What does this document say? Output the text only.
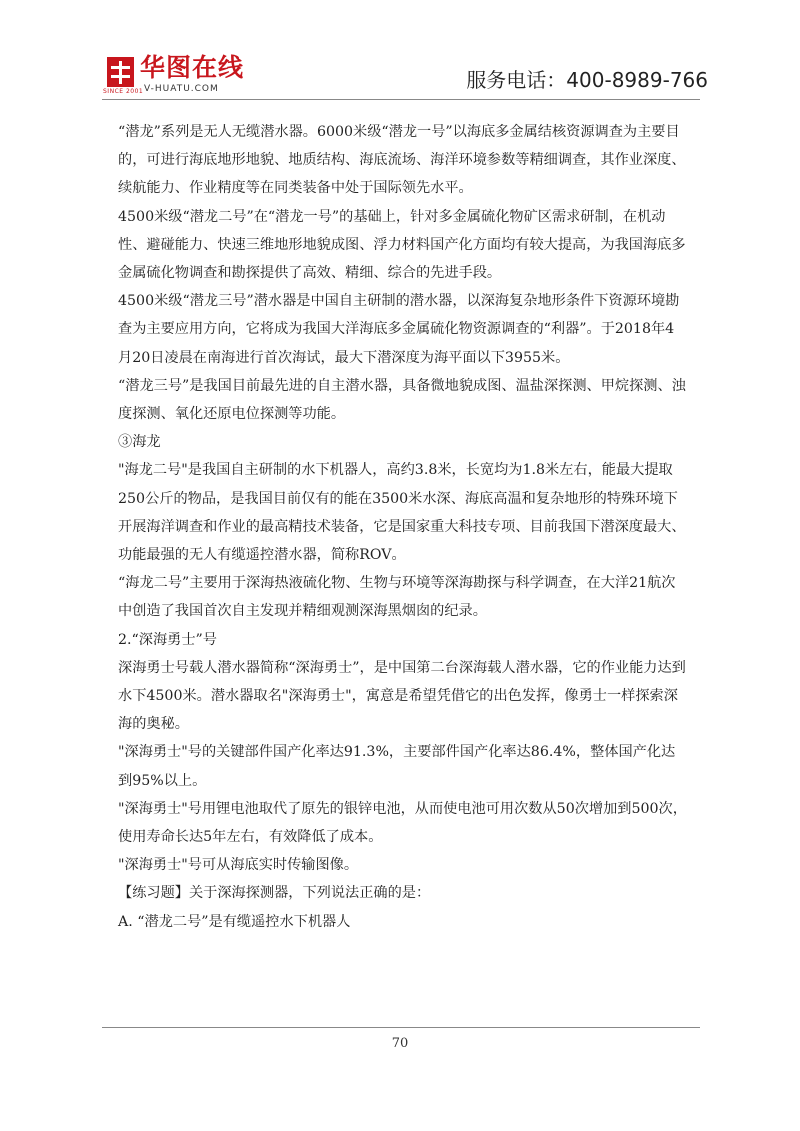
华图在线
V-HUATU.COM
SINCE 2001	服务电话：400-8989-766

“潜龙”系列是无人无缆潜水器。6000米级“潜龙一号”以海底多金属结核资源调查为主要目的，可进行海底地形地貌、地质结构、海底流场、海洋环境参数等精细调查，其作业深度、续航能力、作业精度等在同类装备中处于国际领先水平。

4500米级“潜龙二号”在“潜龙一号”的基础上，针对多金属硫化物矿区需求研制，在机动性、避碰能力、快速三维地形地貌成图、浮力材料国产化方面均有较大提高，为我国海底多金属硫化物调查和勘探提供了高效、精细、综合的先进手段。

4500米级“潜龙三号”潜水器是中国自主研制的潜水器，以深海复杂地形条件下资源环境勘查为主要应用方向，它将成为我国大洋海底多金属硫化物资源调查的“利器”。于2018年4月20日凌晨在南海进行首次海试，最大下潜深度为海平面以下3955米。

“潜龙三号”是我国目前最先进的自主潜水器，具备微地貌成图、温盐深探测、甲烷探测、浊度探测、氧化还原电位探测等功能。

③海龙

"海龙二号"是我国自主研制的水下机器人，高约3.8米，长宽均为1.8米左右，能最大提取250公斤的物品，是我国目前仅有的能在3500米水深、海底高温和复杂地形的特殊环境下开展海洋调查和作业的最高精技术装备，它是国家重大科技专项、目前我国下潜深度最大、功能最强的无人有缆遥控潜水器，简称ROV。

“海龙二号”主要用于深海热液硫化物、生物与环境等深海勘探与科学调查，在大洋21航次中创造了我国首次自主发现并精细观测深海黑烟囱的纪录。

2.“深海勇士”号

深海勇士号载人潜水器简称“深海勇士”，是中国第二台深海载人潜水器，它的作业能力达到水下4500米。潜水器取名"深海勇士"，寓意是希望凭借它的出色发挥，像勇士一样探索深海的奥秘。

"深海勇士"号的关键部件国产化率达91.3%，主要部件国产化率达86.4%，整体国产化达到95%以上。

"深海勇士"号用锂电池取代了原先的银锌电池，从而使电池可用次数从50次增加到500次，使用寿命长达5年左右，有效降低了成本。

"深海勇士"号可从海底实时传输图像。

【练习题】关于深海探测器，下列说法正确的是：

A. “潜龙二号”是有缆遥控水下机器人

70
